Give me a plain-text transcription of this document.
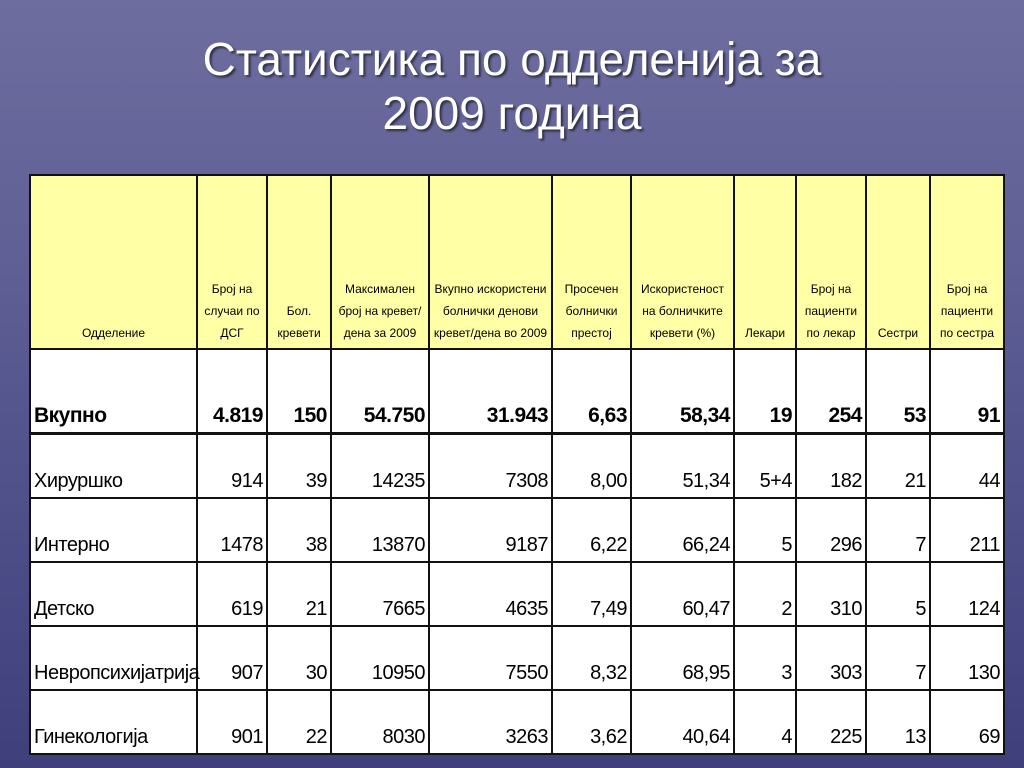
Статистика по одделенија за
2009 година
Одделение	Број на случаи по ДСГ	Бол. кревети	Максимален број на кревет/дена за 2009	Вкупно искористени болнички денови кревет/дена во 2009	Просечен болнички престој	Искористеност на болничките кревети (%)	Лекари	Број на пациенти по лекар	Сестри	Број на пациенти по сестра
Вкупно	4.819	150	54.750	31.943	6,63	58,34	19	254	53	91
Хируршко	914	39	14235	7308	8,00	51,34	5+4	182	21	44
Интерно	1478	38	13870	9187	6,22	66,24	5	296	7	211
Детско	619	21	7665	4635	7,49	60,47	2	310	5	124
Невропсихијатрија	907	30	10950	7550	8,32	68,95	3	303	7	130
Гинекологија	901	22	8030	3263	3,62	40,64	4	225	13	69
